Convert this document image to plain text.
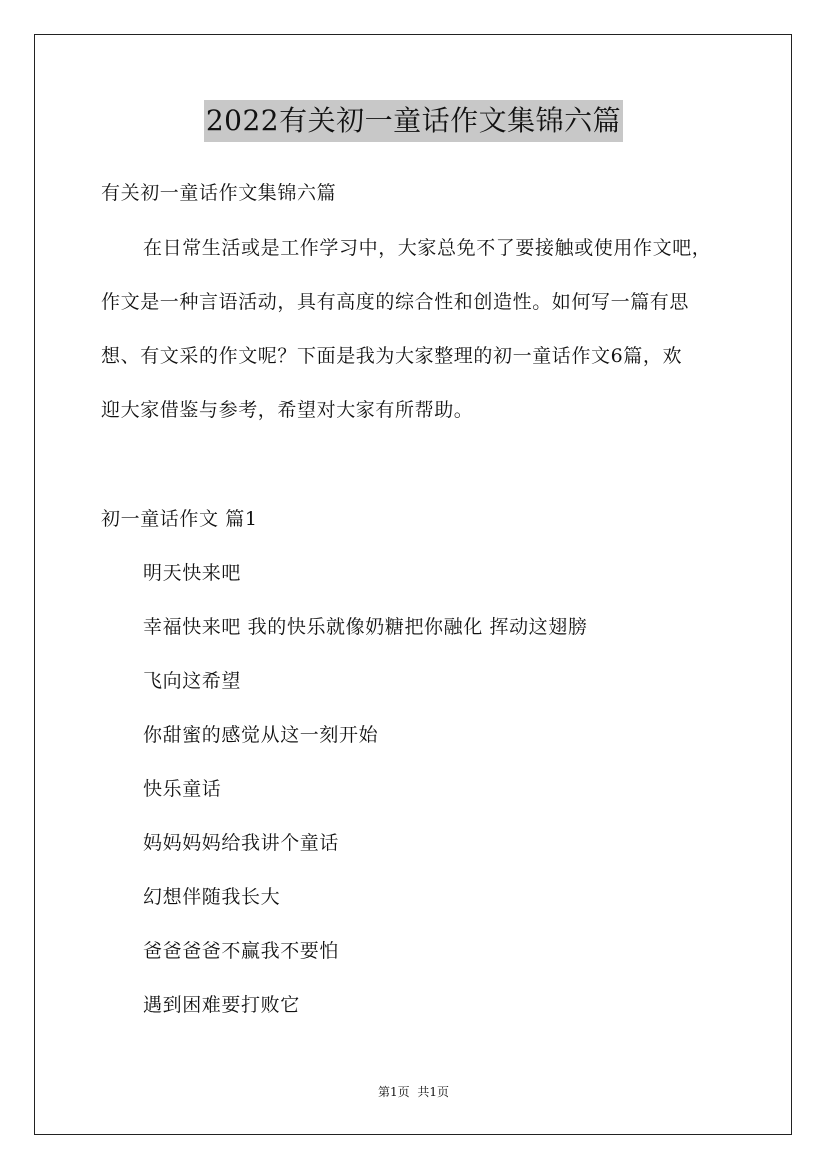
2022有关初一童话作文集锦六篇
有关初一童话作文集锦六篇
在日常生活或是工作学习中，大家总免不了要接触或使用作文吧，
作文是一种言语活动，具有高度的综合性和创造性。如何写一篇有思
想、有文采的作文呢？下面是我为大家整理的初一童话作文6篇，欢
迎大家借鉴与参考，希望对大家有所帮助。
初一童话作文 篇1
明天快来吧
幸福快来吧 我的快乐就像奶糖把你融化 挥动这翅膀
飞向这希望
你甜蜜的感觉从这一刻开始
快乐童话
妈妈妈妈给我讲个童话
幻想伴随我长大
爸爸爸爸不赢我不要怕
遇到困难要打败它
第1页 共1页
